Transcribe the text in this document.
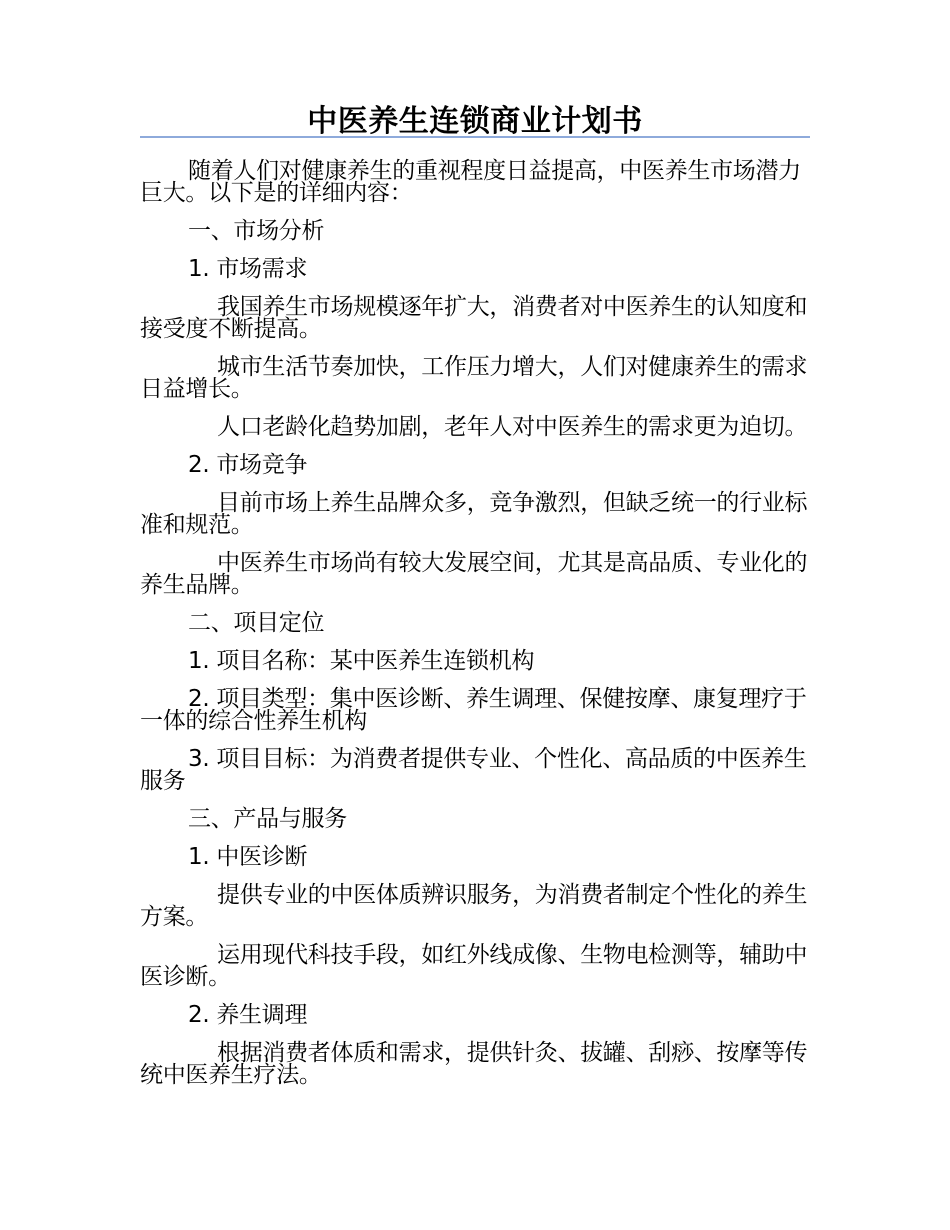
中医养生连锁商业计划书

随着人们对健康养生的重视程度日益提高，中医养生市场潜力巨大。以下是的详细内容：

一、市场分析

1. 市场需求

我国养生市场规模逐年扩大，消费者对中医养生的认知度和接受度不断提高。

城市生活节奏加快，工作压力增大，人们对健康养生的需求日益增长。

人口老龄化趋势加剧，老年人对中医养生的需求更为迫切。

2. 市场竞争

目前市场上养生品牌众多，竞争激烈，但缺乏统一的行业标准和规范。

中医养生市场尚有较大发展空间，尤其是高品质、专业化的养生品牌。

二、项目定位

1. 项目名称：某中医养生连锁机构

2. 项目类型：集中医诊断、养生调理、保健按摩、康复理疗于一体的综合性养生机构

3. 项目目标：为消费者提供专业、个性化、高品质的中医养生服务

三、产品与服务

1. 中医诊断

提供专业的中医体质辨识服务，为消费者制定个性化的养生方案。

运用现代科技手段，如红外线成像、生物电检测等，辅助中医诊断。

2. 养生调理

根据消费者体质和需求，提供针灸、拔罐、刮痧、按摩等传统中医养生疗法。
